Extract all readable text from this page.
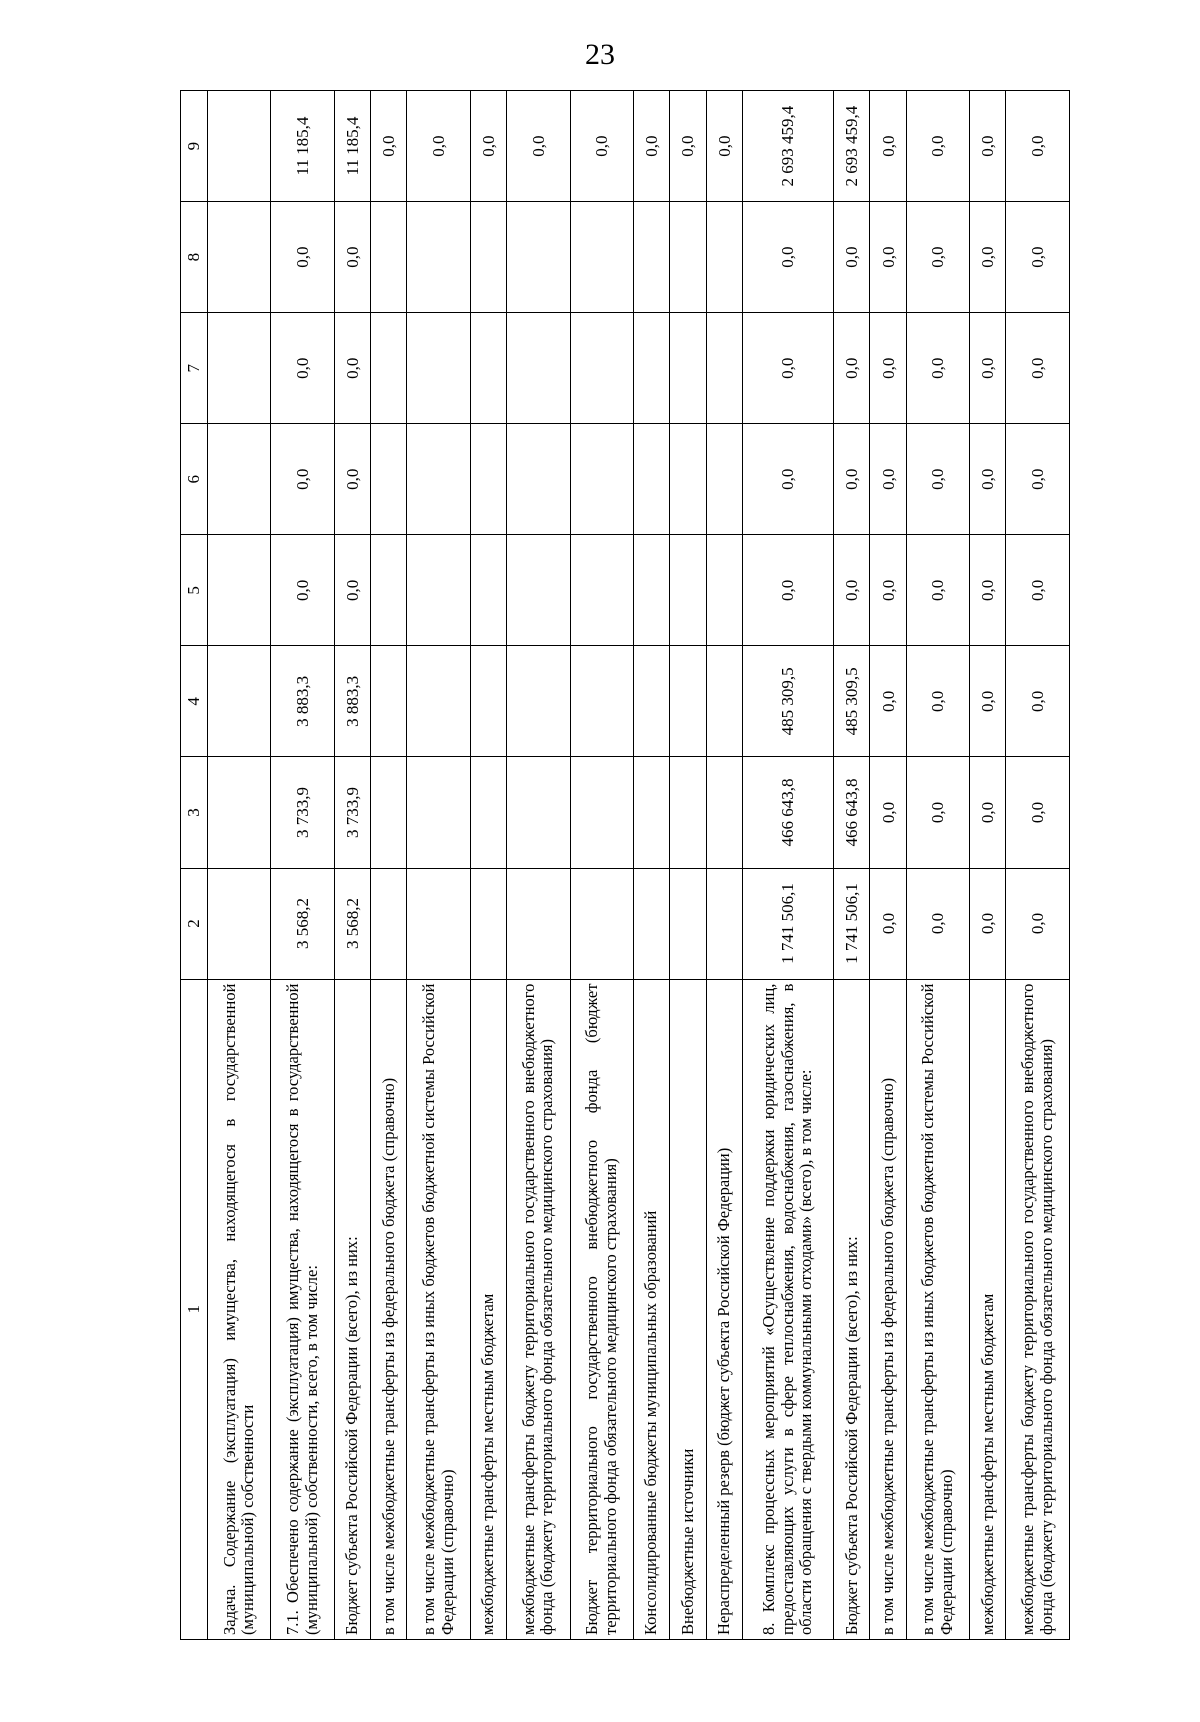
23
1	2	3	4	5	6	7	8	9
Задача. Содержание (эксплуатация) имущества, находящегося в государственной (муниципальной) собственности								
7.1. Обеспечено содержание (эксплуатация) имущества, находящегося в государственной (муниципальной) собственности, всего, в том числе:	3 568,2	3 733,9	3 883,3	0,0	0,0	0,0	0,0	11 185,4
Бюджет субъекта Российской Федерации (всего), из них:	3 568,2	3 733,9	3 883,3	0,0	0,0	0,0	0,0	11 185,4
в том числе межбюджетные трансферты из федерального бюджета (справочно)								0,0
в том числе межбюджетные трансферты из иных бюджетов бюджетной системы Российской Федерации (справочно)								0,0
межбюджетные трансферты местным бюджетам								0,0
межбюджетные трансферты бюджету территориального государственного внебюджетного фонда (бюджету территориального фонда обязательного медицинского страхования)								0,0
Бюджет территориального государственного внебюджетного фонда (бюджет территориального фонда обязательного медицинского страхования)								0,0
Консолидированные бюджеты муниципальных образований								0,0
Внебюджетные источники								0,0
Нераспределенный резерв (бюджет субъекта Российской Федерации)								0,0
8. Комплекс процессных мероприятий «Осуществление поддержки юридических лиц, предоставляющих услуги в сфере теплоснабжения, водоснабжения, газоснабжения, в области обращения с твердыми коммунальными отходами» (всего), в том числе:	1 741 506,1	466 643,8	485 309,5	0,0	0,0	0,0	0,0	2 693 459,4
Бюджет субъекта Российской Федерации (всего), из них:	1 741 506,1	466 643,8	485 309,5	0,0	0,0	0,0	0,0	2 693 459,4
в том числе межбюджетные трансферты из федерального бюджета (справочно)	0,0	0,0	0,0	0,0	0,0	0,0	0,0	0,0
в том числе межбюджетные трансферты из иных бюджетов бюджетной системы Российской Федерации (справочно)	0,0	0,0	0,0	0,0	0,0	0,0	0,0	0,0
межбюджетные трансферты местным бюджетам	0,0	0,0	0,0	0,0	0,0	0,0	0,0	0,0
межбюджетные трансферты бюджету территориального государственного внебюджетного фонда (бюджету территориального фонда обязательного медицинского страхования)	0,0	0,0	0,0	0,0	0,0	0,0	0,0	0,0
